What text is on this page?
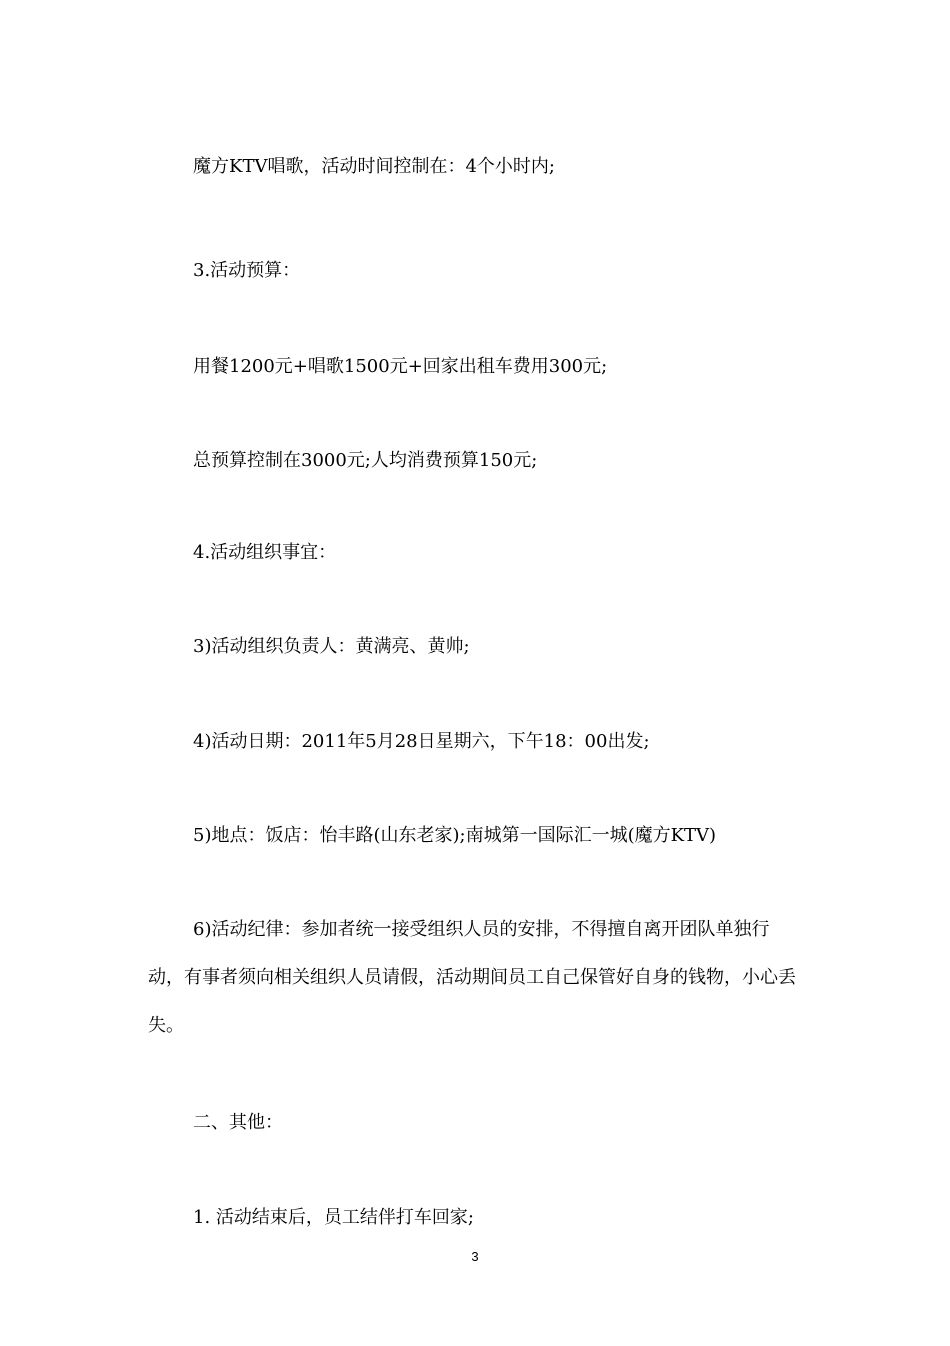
魔方KTV唱歌，活动时间控制在：4个小时内;

3.活动预算：

用餐1200元+唱歌1500元+回家出租车费用300元;

总预算控制在3000元;人均消费预算150元;

4.活动组织事宜：

3)活动组织负责人：黄满亮、黄帅;

4)活动日期：2011年5月28日星期六，下午18：00出发;

5)地点：饭店：怡丰路(山东老家);南城第一国际汇一城(魔方KTV)

6)活动纪律：参加者统一接受组织人员的安排，不得擅自离开团队单独行动，有事者须向相关组织人员请假，活动期间员工自己保管好自身的钱物，小心丢失。

二、其他：

1. 活动结束后，员工结伴打车回家;

3
